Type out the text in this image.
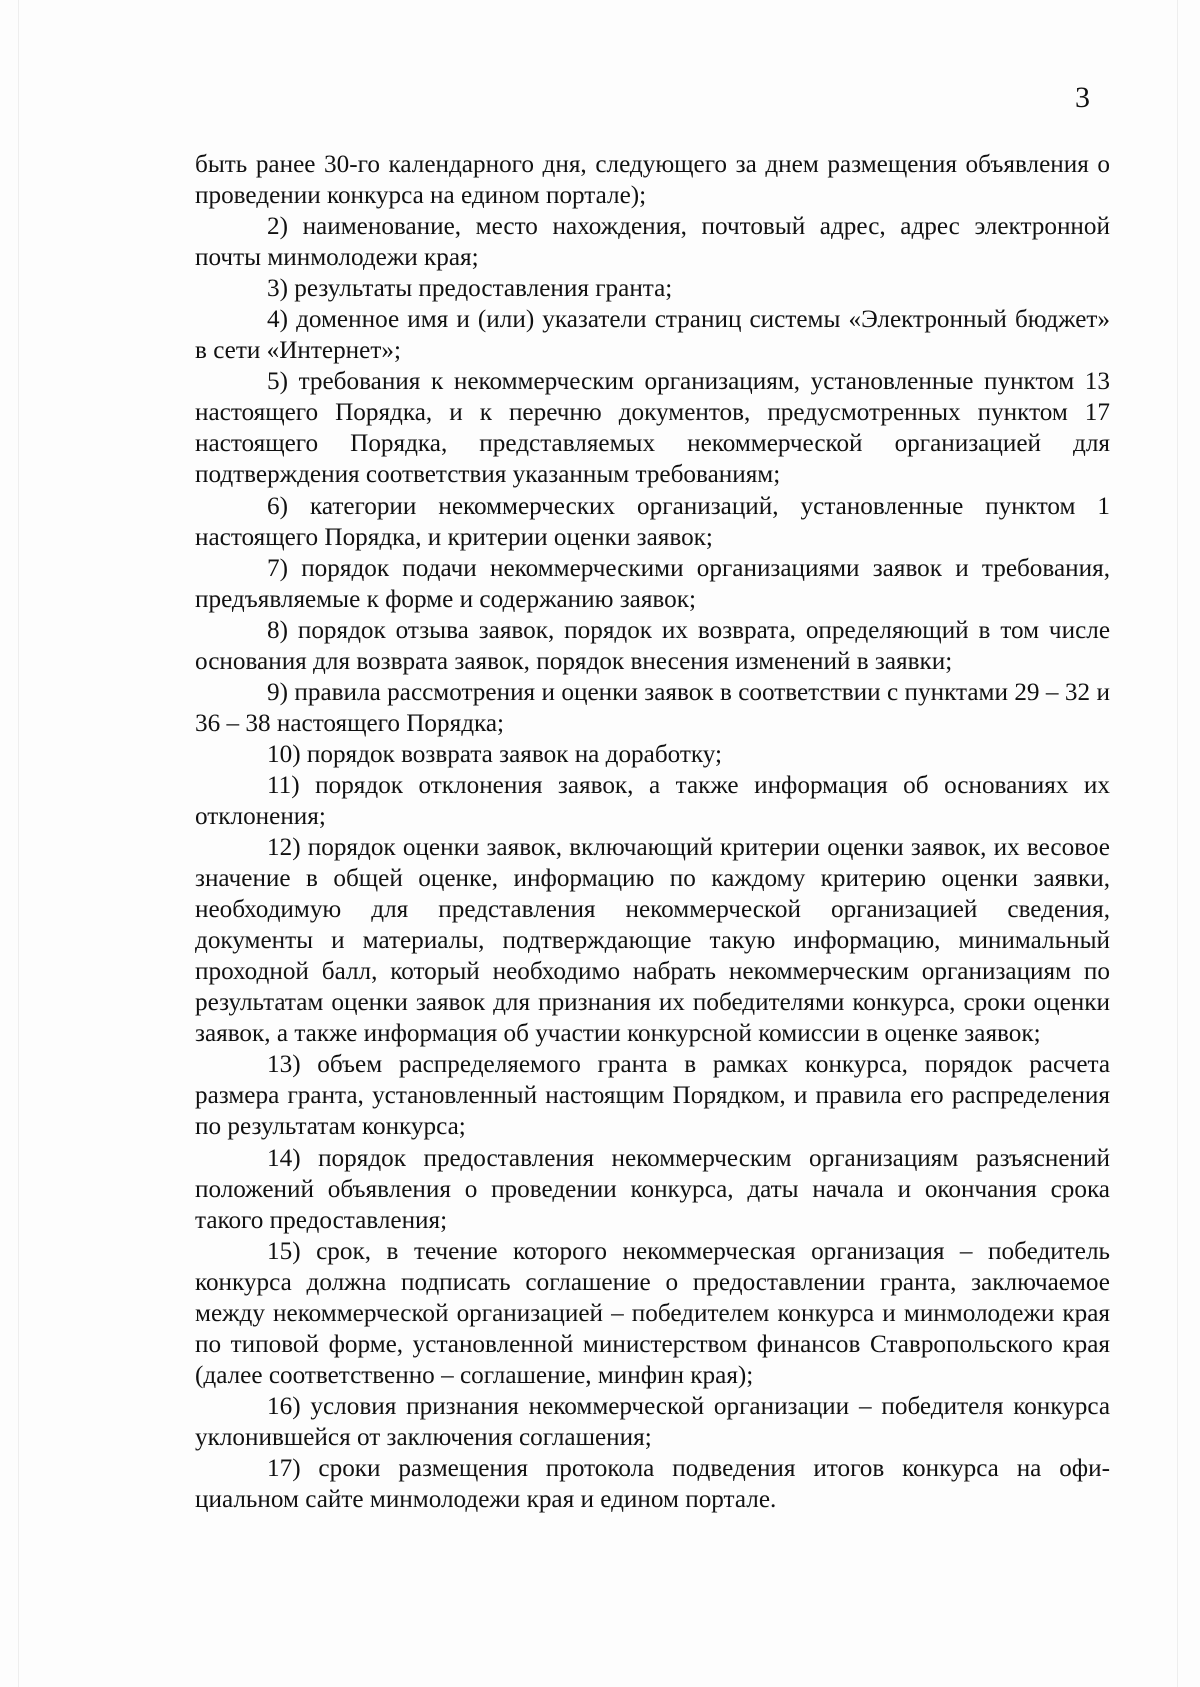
3

быть ранее 30-го календарного дня, следующего за днем размещения объявления о проведении конкурса на едином портале);

2) наименование, место нахождения, почтовый адрес, адрес электронной почты минмолодежи края;

3) результаты предоставления гранта;

4) доменное имя и (или) указатели страниц системы «Электронный бюджет» в сети «Интернет»;

5) требования к некоммерческим организациям, установленные пунктом 13 настоящего Порядка, и к перечню документов, предусмотренных пунктом 17 настоящего Порядка, представляемых некоммерческой организацией для подтверждения соответствия указанным требованиям;

6) категории некоммерческих организаций, установленные пунктом 1 настоящего Порядка, и критерии оценки заявок;

7) порядок подачи некоммерческими организациями заявок и требования, предъявляемые к форме и содержанию заявок;

8) порядок отзыва заявок, порядок их возврата, определяющий в том числе основания для возврата заявок, порядок внесения изменений в заявки;

9) правила рассмотрения и оценки заявок в соответствии с пунктами 29 – 32 и 36 – 38 настоящего Порядка;

10) порядок возврата заявок на доработку;

11) порядок отклонения заявок, а также информация об основаниях их отклонения;

12) порядок оценки заявок, включающий критерии оценки заявок, их весовое значение в общей оценке, информацию по каждому критерию оценки заявки, необходимую для представления некоммерческой организацией сведения, документы и материалы, подтверждающие такую информацию, минимальный проходной балл, который необходимо набрать некоммерческим организациям по результатам оценки заявок для признания их победителями конкурса, сроки оценки заявок, а также информация об участии конкурсной комиссии в оценке заявок;

13) объем распределяемого гранта в рамках конкурса, порядок расчета размера гранта, установленный настоящим Порядком, и правила его распределения по результатам конкурса;

14) порядок предоставления некоммерческим организациям разъяснений положений объявления о проведении конкурса, даты начала и окончания срока такого предоставления;

15) срок, в течение которого некоммерческая организация – победитель конкурса должна подписать соглашение о предоставлении гранта, заключаемое между некоммерческой организацией – победителем конкурса и минмолодежи края по типовой форме, установленной министерством финансов Ставропольского края (далее соответственно – соглашение, минфин края);

16) условия признания некоммерческой организации – победителя конкурса уклонившейся от заключения соглашения;

17) сроки размещения протокола подведения итогов конкурса на официальном сайте минмолодежи края и едином портале.
